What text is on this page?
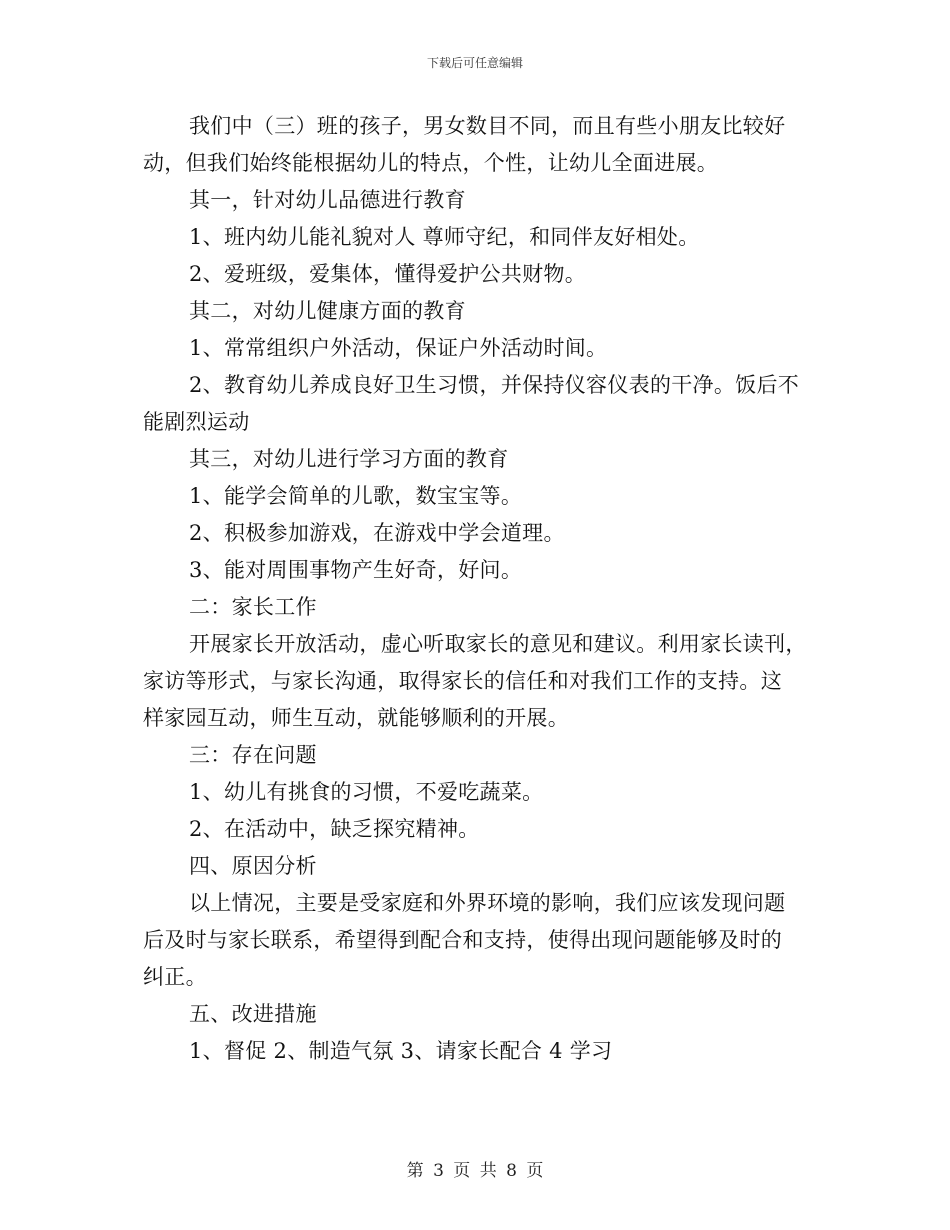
下载后可任意编辑
我们中（三）班的孩子，男女数目不同，而且有些小朋友比较好
动，但我们始终能根据幼儿的特点，个性，让幼儿全面进展。
其一，针对幼儿品德进行教育
1、班内幼儿能礼貌对人 尊师守纪，和同伴友好相处。
2、爱班级，爱集体，懂得爱护公共财物。
其二，对幼儿健康方面的教育
1、常常组织户外活动，保证户外活动时间。
2、教育幼儿养成良好卫生习惯，并保持仪容仪表的干净。饭后不
能剧烈运动
其三，对幼儿进行学习方面的教育
1、能学会简单的儿歌，数宝宝等。
2、积极参加游戏，在游戏中学会道理。
3、能对周围事物产生好奇，好问。
二：家长工作
开展家长开放活动，虚心听取家长的意见和建议。利用家长读刊，
家访等形式，与家长沟通，取得家长的信任和对我们工作的支持。这
样家园互动，师生互动，就能够顺利的开展。
三：存在问题
1、幼儿有挑食的习惯，不爱吃蔬菜。
2、在活动中，缺乏探究精神。
四、原因分析
以上情况，主要是受家庭和外界环境的影响，我们应该发现问题
后及时与家长联系，希望得到配合和支持，使得出现问题能够及时的
纠正。
五、改进措施
1、督促 2、制造气氛 3、请家长配合 4 学习
第 3 页 共 8 页
